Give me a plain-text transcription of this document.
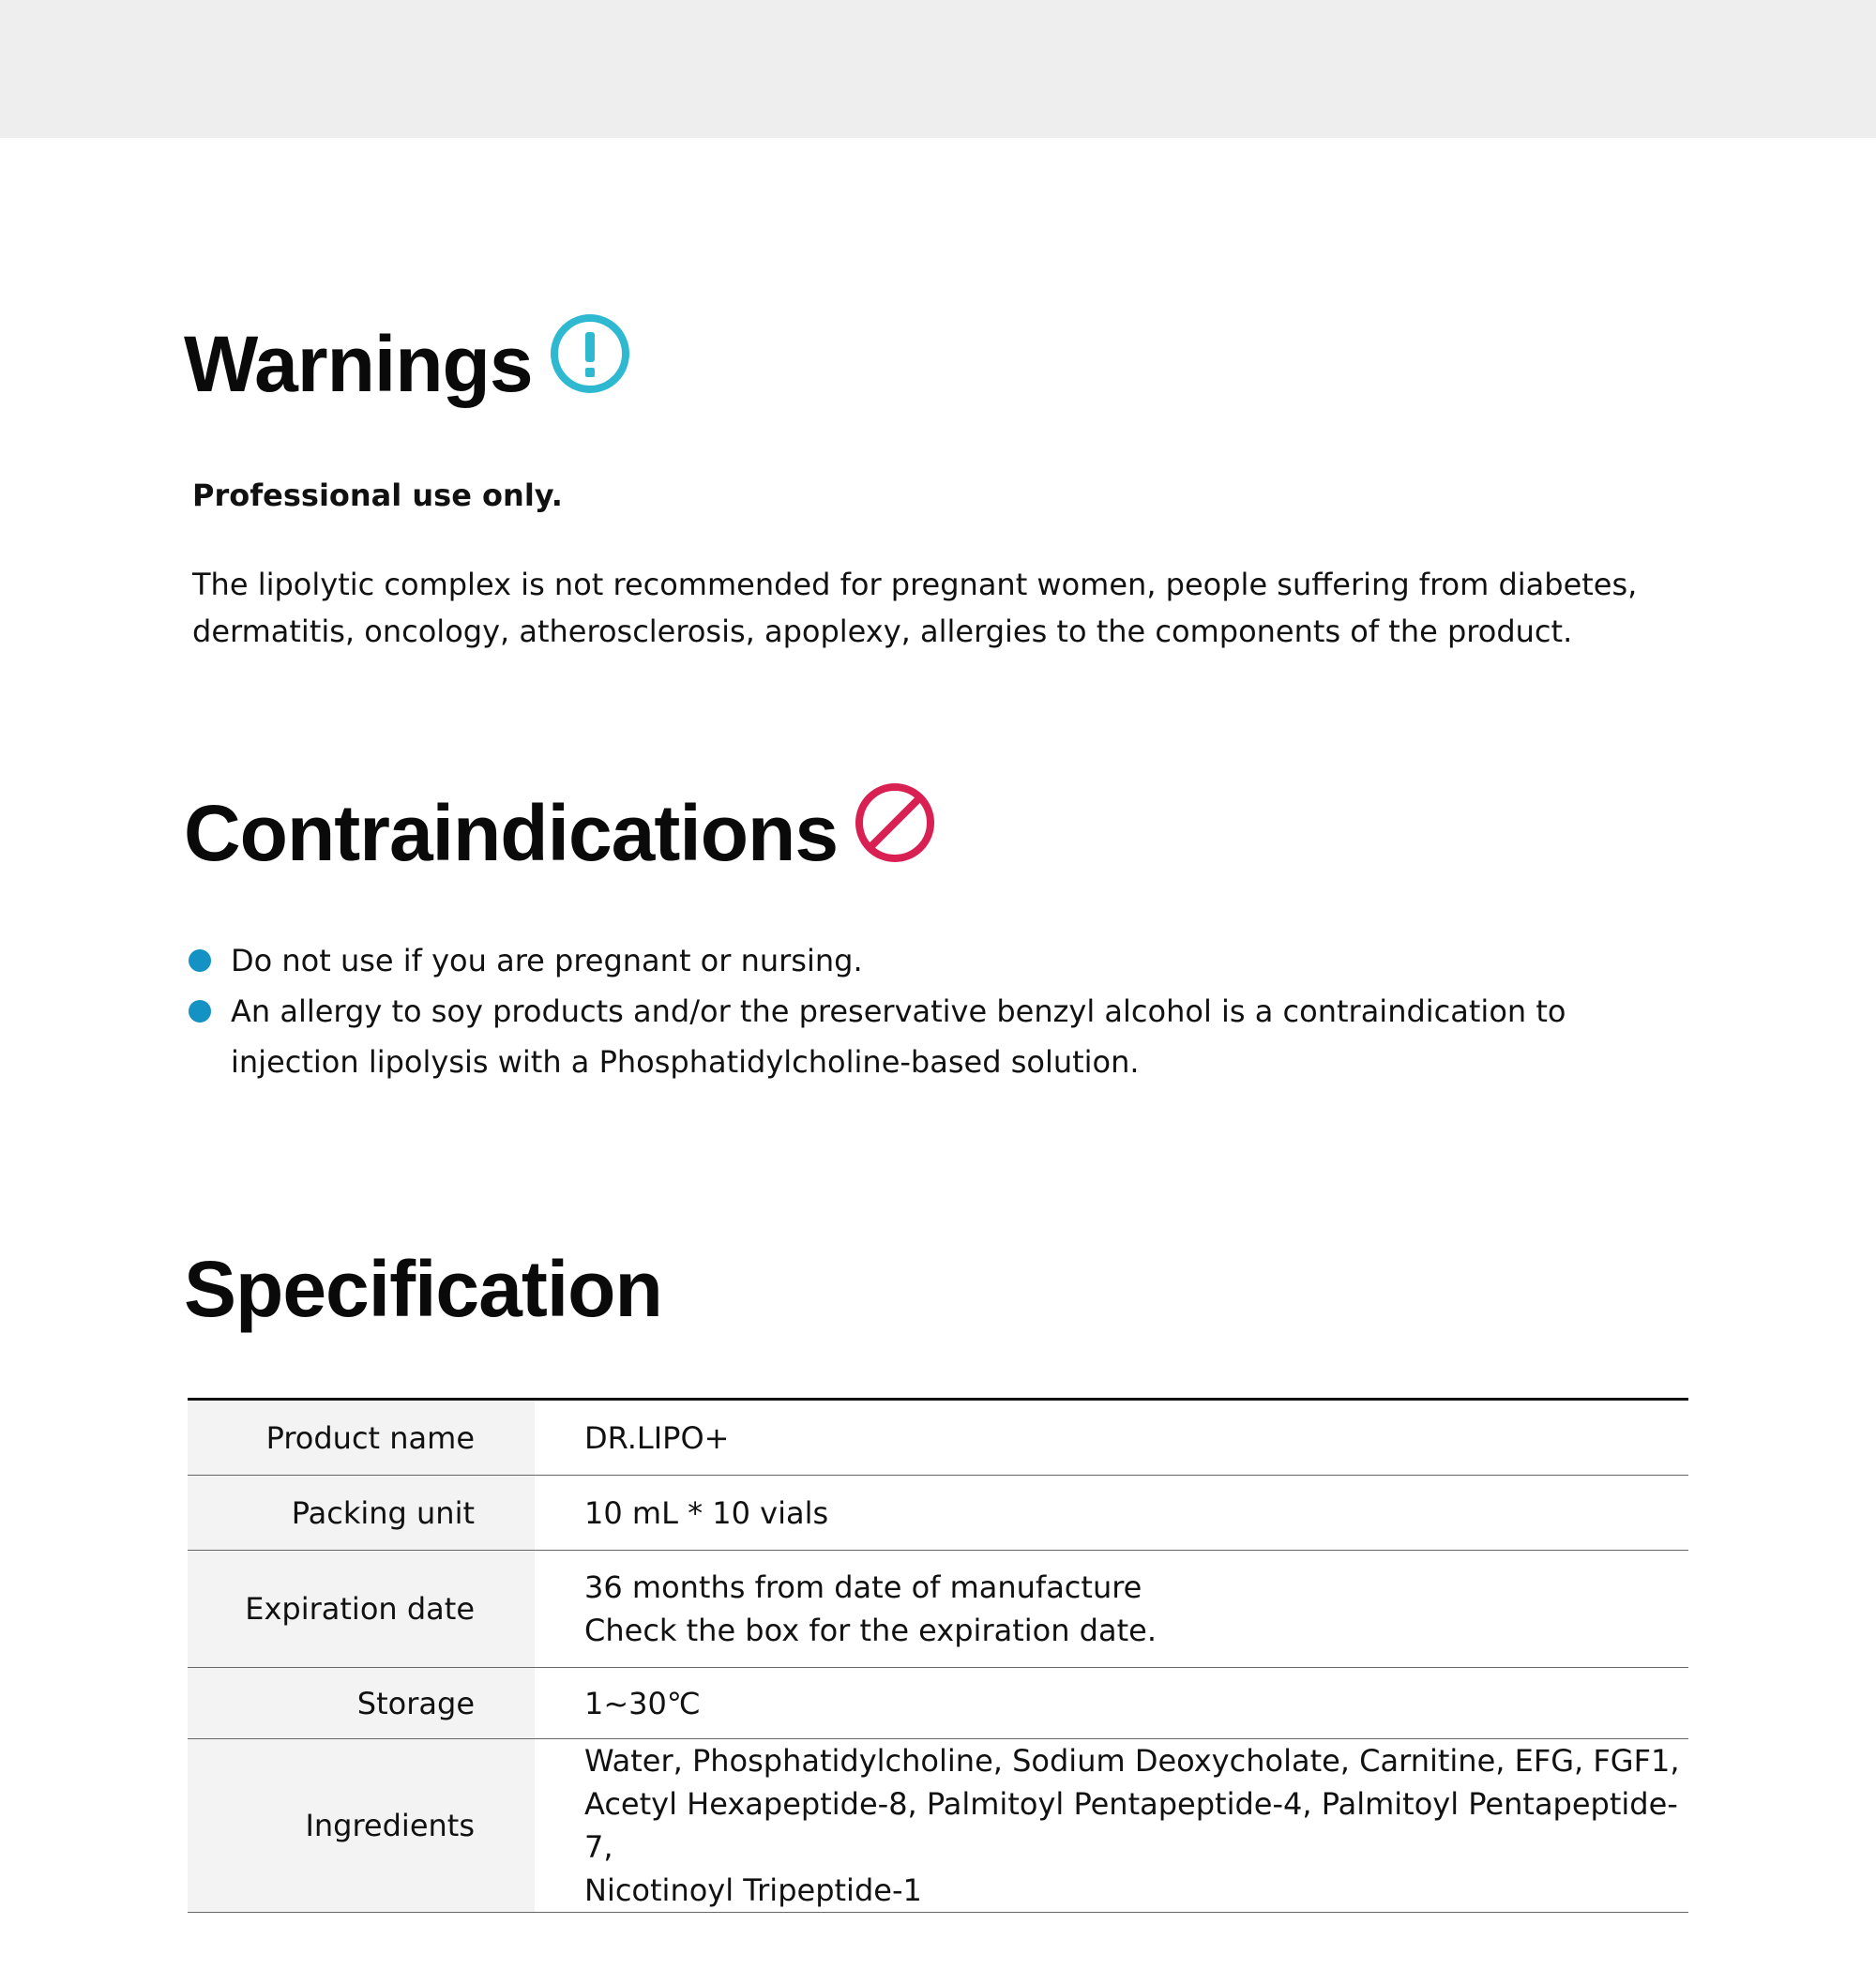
Warnings

Professional use only.

The lipolytic complex is not recommended for pregnant women, people suffering from diabetes, dermatitis, oncology, atherosclerosis, apoplexy, allergies to the components of the product.

Contraindications
Do not use if you are pregnant or nursing.
An allergy to soy products and/or the preservative benzyl alcohol is a contraindication to injection lipolysis with a Phosphatidylcholine-based solution.
Specification
Product name	DR.LIPO+

Packing unit	10 mL * 10 vials

Expiration date	36 months from date of manufacture
Check the box for the expiration date.

Storage	1~30℃

Ingredients	Water, Phosphatidylcholine, Sodium Deoxycholate, Carnitine, EFG, FGF1,
Acetyl Hexapeptide-8, Palmitoyl Pentapeptide-4, Palmitoyl Pentapeptide-7,
Nicotinoyl Tripeptide-1
